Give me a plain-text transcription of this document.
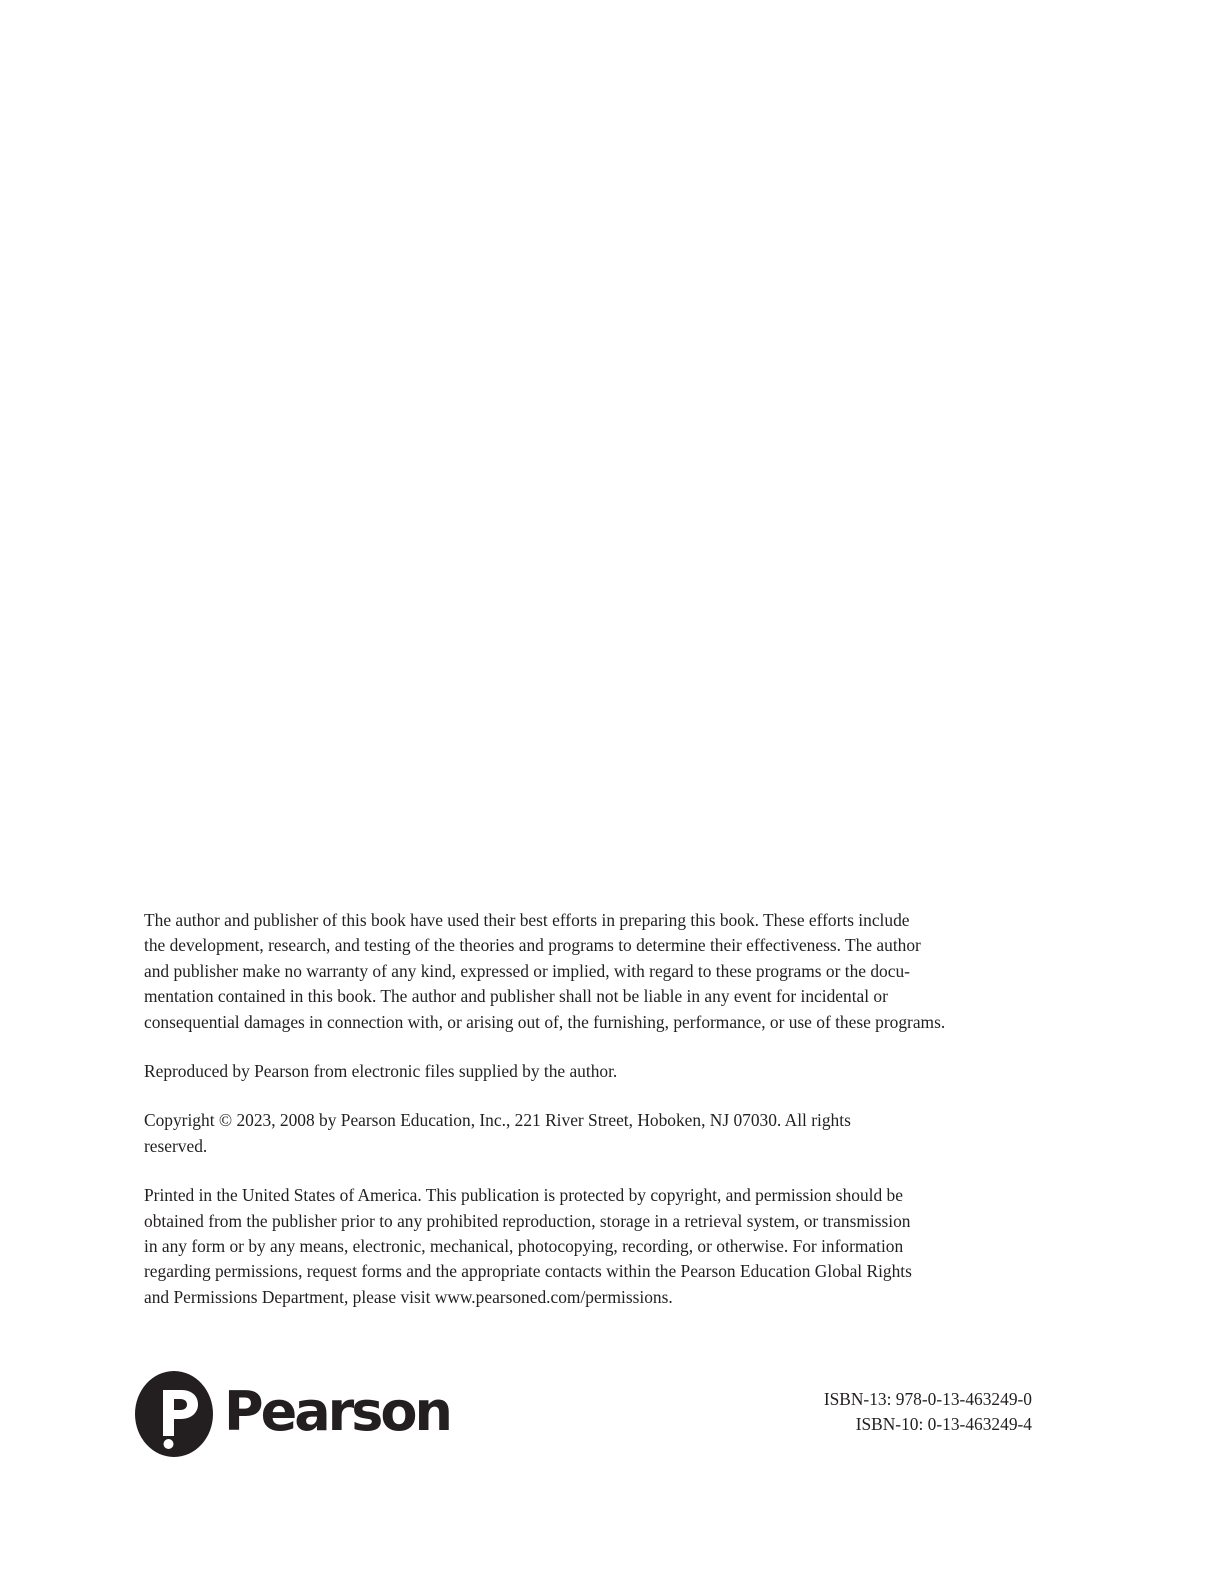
The author and publisher of this book have used their best efforts in preparing this book. These efforts include
the development, research, and testing of the theories and programs to determine their effectiveness. The author
and publisher make no warranty of any kind, expressed or implied, with regard to these programs or the docu-
mentation contained in this book. The author and publisher shall not be liable in any event for incidental or
consequential damages in connection with, or arising out of, the furnishing, performance, or use of these programs.

Reproduced by Pearson from electronic files supplied by the author.

Copyright © 2023, 2008 by Pearson Education, Inc., 221 River Street, Hoboken, NJ 07030. All rights
reserved.

Printed in the United States of America. This publication is protected by copyright, and permission should be
obtained from the publisher prior to any prohibited reproduction, storage in a retrieval system, or transmission
in any form or by any means, electronic, mechanical, photocopying, recording, or otherwise. For information
regarding permissions, request forms and the appropriate contacts within the Pearson Education Global Rights
and Permissions Department, please visit www.pearsoned.com/permissions.

Pearson	ISBN-13: 978-0-13-463249-0
ISBN-10: 0-13-463249-4
